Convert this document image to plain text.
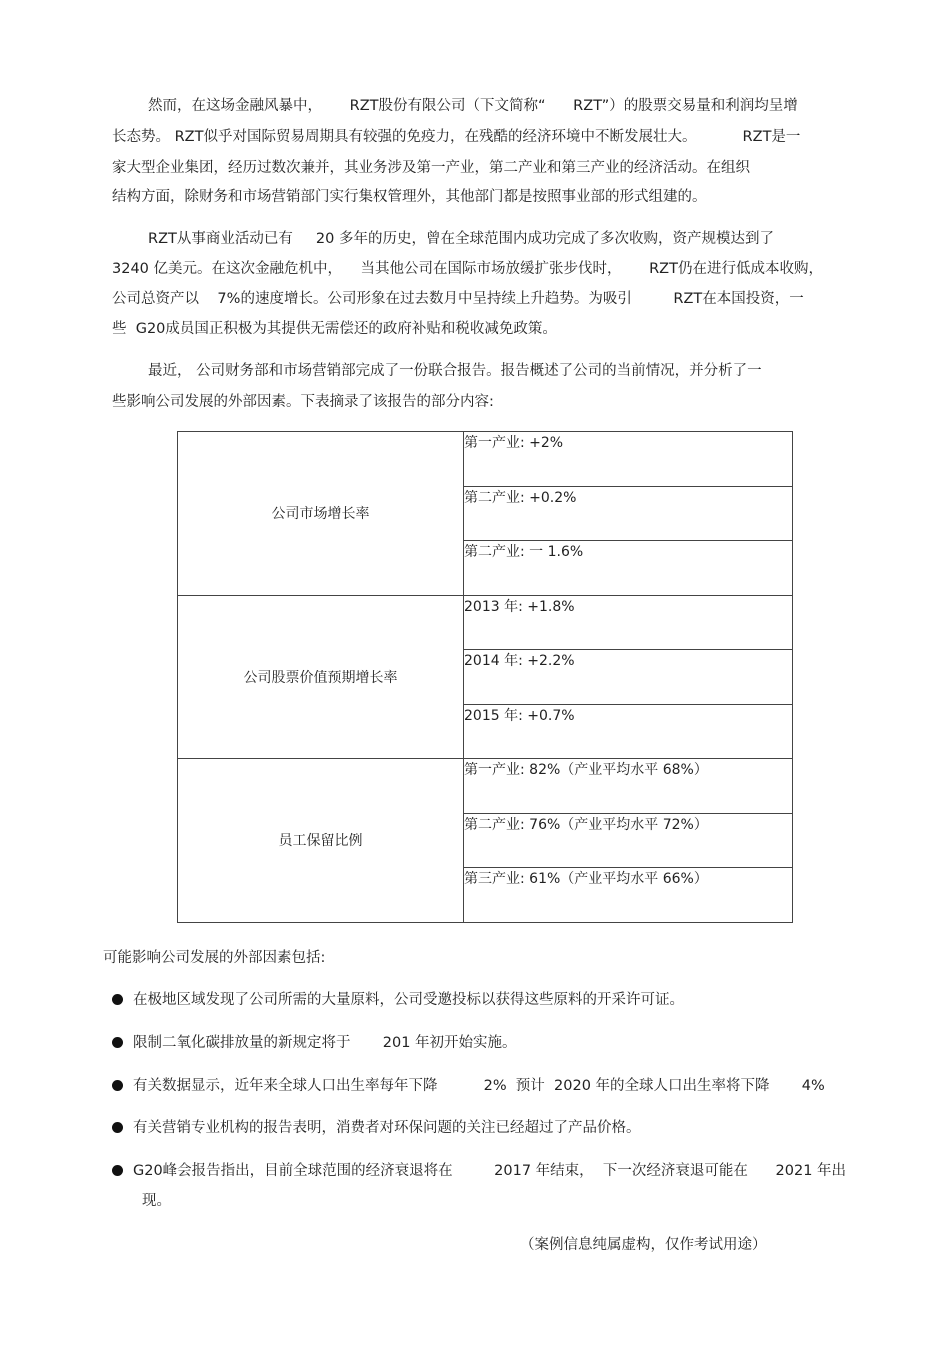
然而，在这场金融风暴中，      RZT股份有限公司（下文简称“      RZT”）的股票交易量和利润均呈增
长态势。 RZT似乎对国际贸易周期具有较强的免疫力，在残酷的经济环境中不断发展壮大。          RZT是一
家大型企业集团，经历过数次兼并，其业务涉及第一产业，第二产业和第三产业的经济活动。在组织
结构方面，除财务和市场营销部门实行集权管理外，其他部门都是按照事业部的形式组建的。
RZT从事商业活动已有     20 多年的历史，曾在全球范围内成功完成了多次收购，资产规模达到了
3240 亿美元。在这次金融危机中，    当其他公司在国际市场放缓扩张步伐时，      RZT仍在进行低成本收购，
公司总资产以    7%的速度增长。公司形象在过去数月中呈持续上升趋势。为吸引         RZT在本国投资，一
些  G20成员国正积极为其提供无需偿还的政府补贴和税收减免政策。
最近， 公司财务部和市场营销部完成了一份联合报告。报告概述了公司的当前情况，并分析了一
些影响公司发展的外部因素。下表摘录了该报告的部分内容:
公司市场增长率	第一产业: +2%
	第二产业: +0.2%
	第二产业: 一 1.6%
公司股票价值预期增长率	2013 年: +1.8%
	2014 年: +2.2%
	2015 年: +0.7%
员工保留比例	第一产业: 82%（产业平均水平 68%）
	第二产业: 76%（产业平均水平 72%）
	第三产业: 61%（产业平均水平 66%）
可能影响公司发展的外部因素包括:
在极地区域发现了公司所需的大量原料，公司受邀投标以获得这些原料的开采许可证。
限制二氧化碳排放量的新规定将于       201 年初开始实施。
有关数据显示，近年来全球人口出生率每年下降          2%  预计  2020 年的全球人口出生率将下降       4%
有关营销专业机构的报告表明，消费者对环保问题的关注已经超过了产品价格。
G20峰会报告指出，目前全球范围的经济衰退将在         2017 年结束，  下一次经济衰退可能在      2021 年出
现。
（案例信息纯属虚构，仅作考试用途）
